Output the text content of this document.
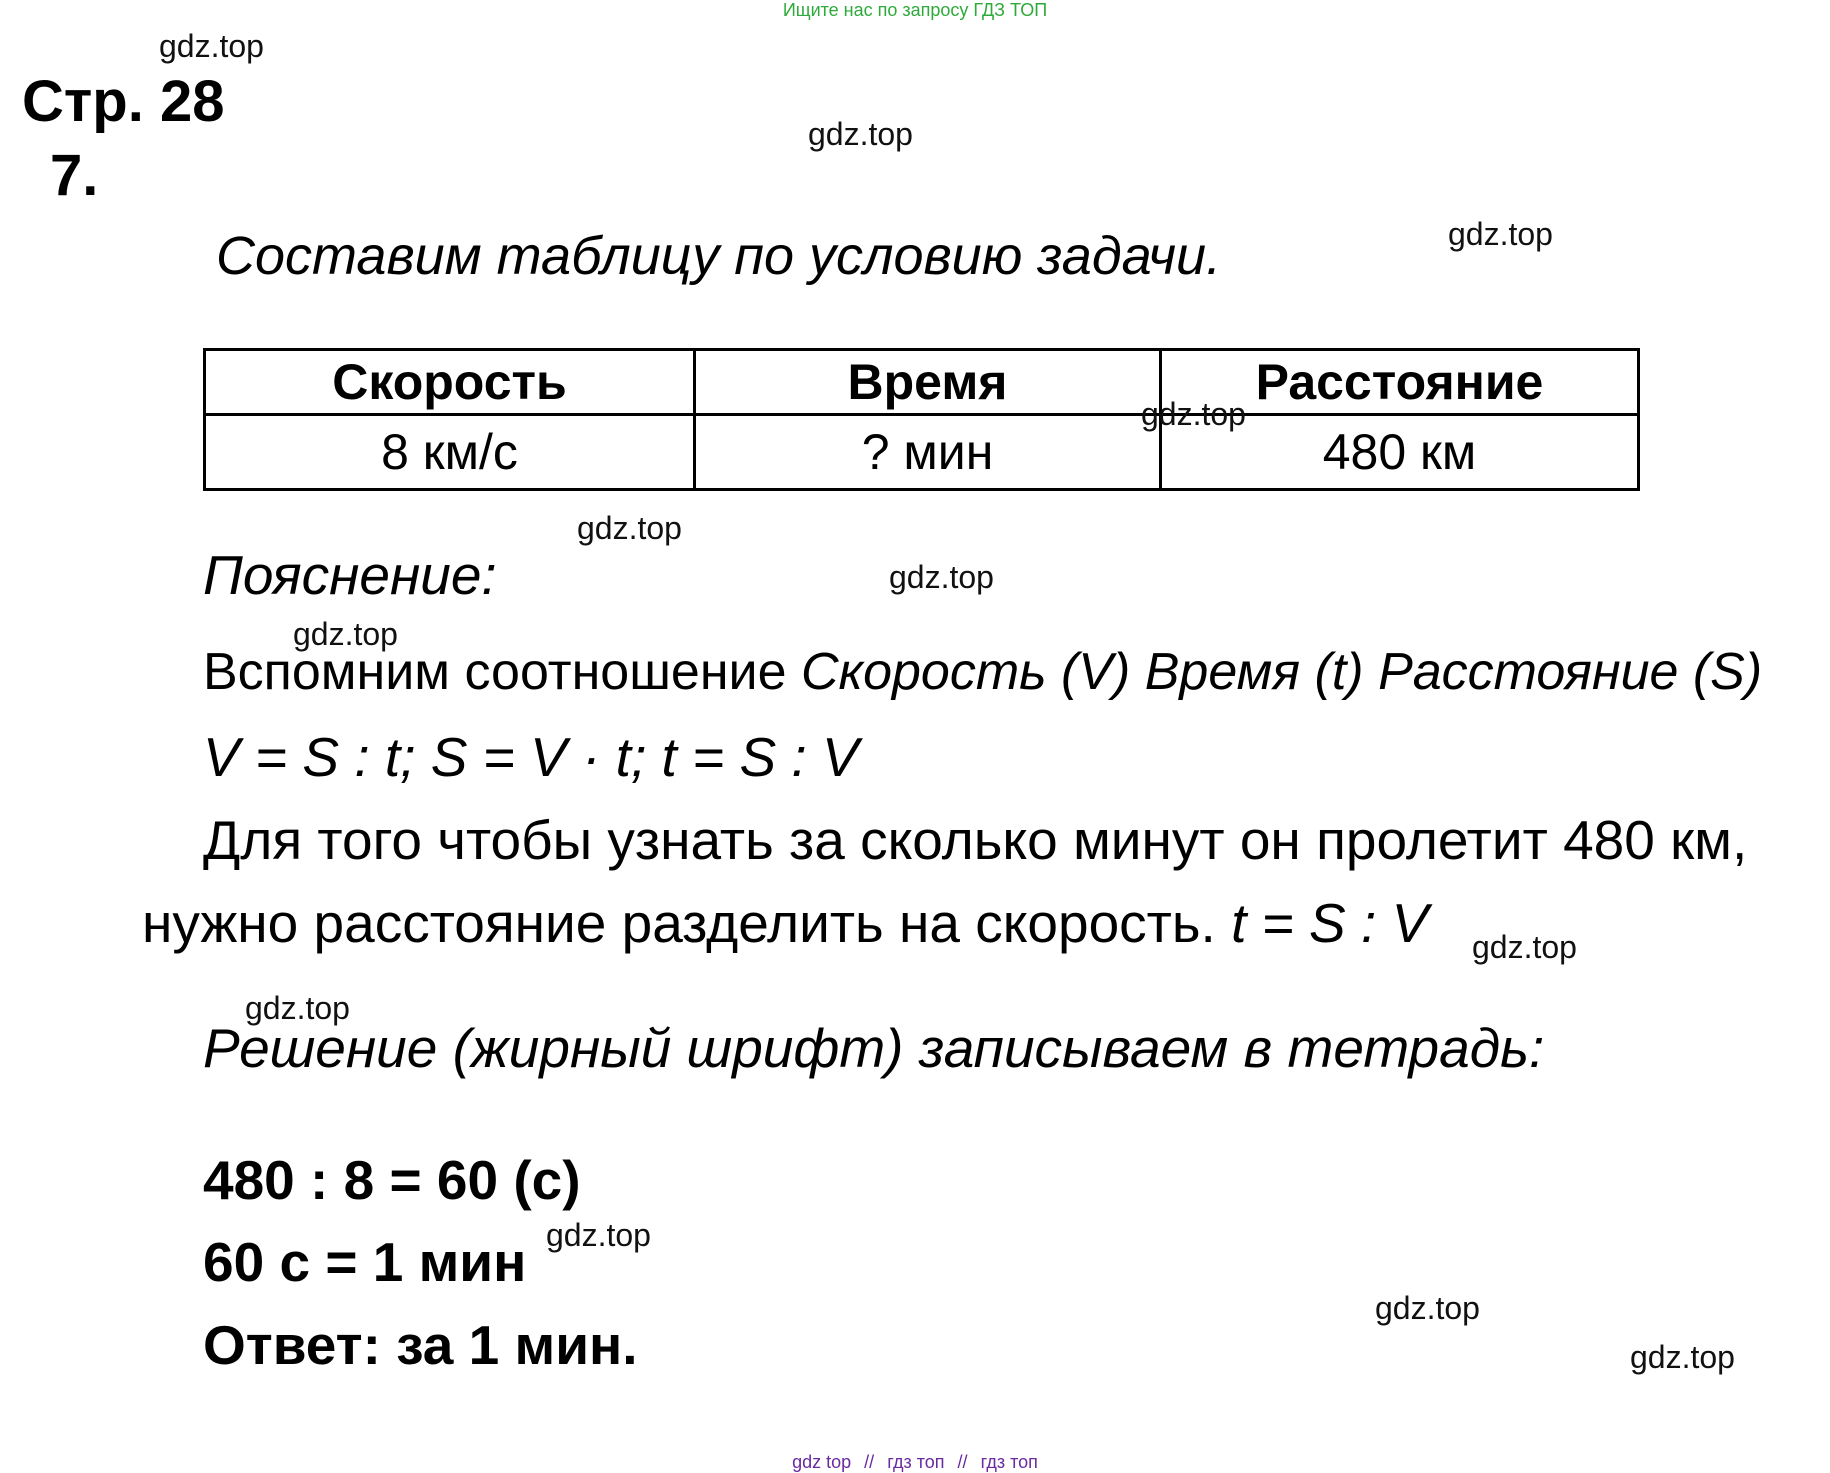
Ищите нас по запросу ГДЗ ТОП
gdz.top
gdz.top
gdz.top
gdz.top
gdz.top
gdz.top
gdz.top
gdz.top
gdz.top
gdz.top
gdz.top
gdz.top
Стр. 28
7.
Составим таблицу по условию задачи.
Скорость	Время	Расстояние
8 км/с	? мин	480 км
Пояснение:
Вспомним соотношение Скорость (V) Время (t) Расстояние (S)
V = S : t; S = V · t; t = S : V
Для того чтобы узнать за сколько минут он пролетит 480 км,
нужно расстояние разделить на скорость. t = S : V
Решение (жирный шрифт) записываем в тетрадь:
480 : 8 = 60 (с)
60 с = 1 мин
Ответ: за 1 мин.
gdz top // гдз топ // гдз топ
